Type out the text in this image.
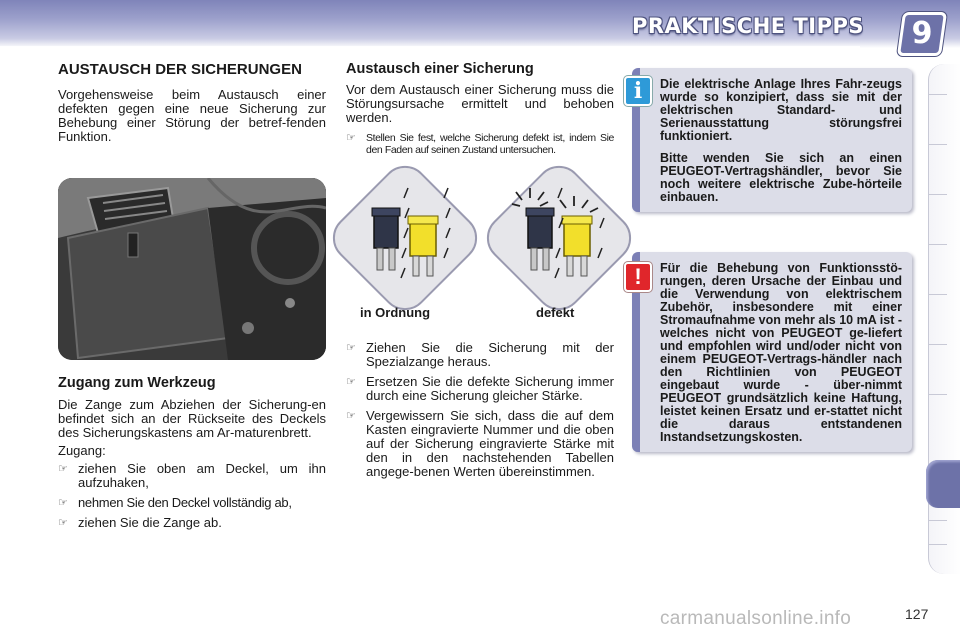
PRAKTISCHE TIPPS 9
AUSTAUSCH DER SICHERUNGEN

Vorgehensweise beim Austausch einer defekten gegen eine neue Sicherung zur Behebung einer Störung der betref-fenden Funktion.

Zugang zum Werkzeug

Die Zange zum Abziehen der Sicherung-en befindet sich an der Rückseite des Deckels des Sicherungskastens am Ar-maturenbrett.

Zugang:

☞ ziehen Sie oben am Deckel, um ihn aufzuhaken,
☞ nehmen Sie den Deckel vollständig ab,
☞ ziehen Sie die Zange ab.
Austausch einer Sicherung

Vor dem Austausch einer Sicherung muss die Störungsursache ermittelt und behoben werden.

☞ Stellen Sie fest, welche Sicherung defekt ist, indem Sie den Faden auf seinen Zustand untersuchen.
in Ordnung	defekt
☞ Ziehen Sie die Sicherung mit der Spezialzange heraus.
☞ Ersetzen Sie die defekte Sicherung immer durch eine Sicherung gleicher Stärke.
☞ Vergewissern Sie sich, dass die auf dem Kasten eingravierte Nummer und die oben auf der Sicherung eingravierte Stärke mit den in den nachstehenden Tabellen angege-benen Werten übereinstimmen.

Die elektrische Anlage Ihres Fahr-zeugs wurde so konzipiert, dass sie mit der elektrischen Standard- und Serienausstattung störungsfrei funktioniert.

Bitte wenden Sie sich an einen PEUGEOT-Vertragshändler, bevor Sie noch weitere elektrische Zube-hörteile einbauen.

i

Für die Behebung von Funktionsstö-rungen, deren Ursache der Einbau und die Verwendung von elektrischem Zubehör, insbesondere mit einer Stromaufnahme von mehr als 10 mA ist - welches nicht von PEUGEOT ge-liefert und empfohlen wird und/oder nicht von einem PEUGEOT-Vertrags-händler nach den Richtlinien von PEUGEOT eingebaut wurde - über-nimmt PEUGEOT grundsätzlich keine Haftung, leistet keinen Ersatz und er-stattet nicht die daraus entstandenen Instandsetzungskosten.

!
carmanualsonline.info	127
